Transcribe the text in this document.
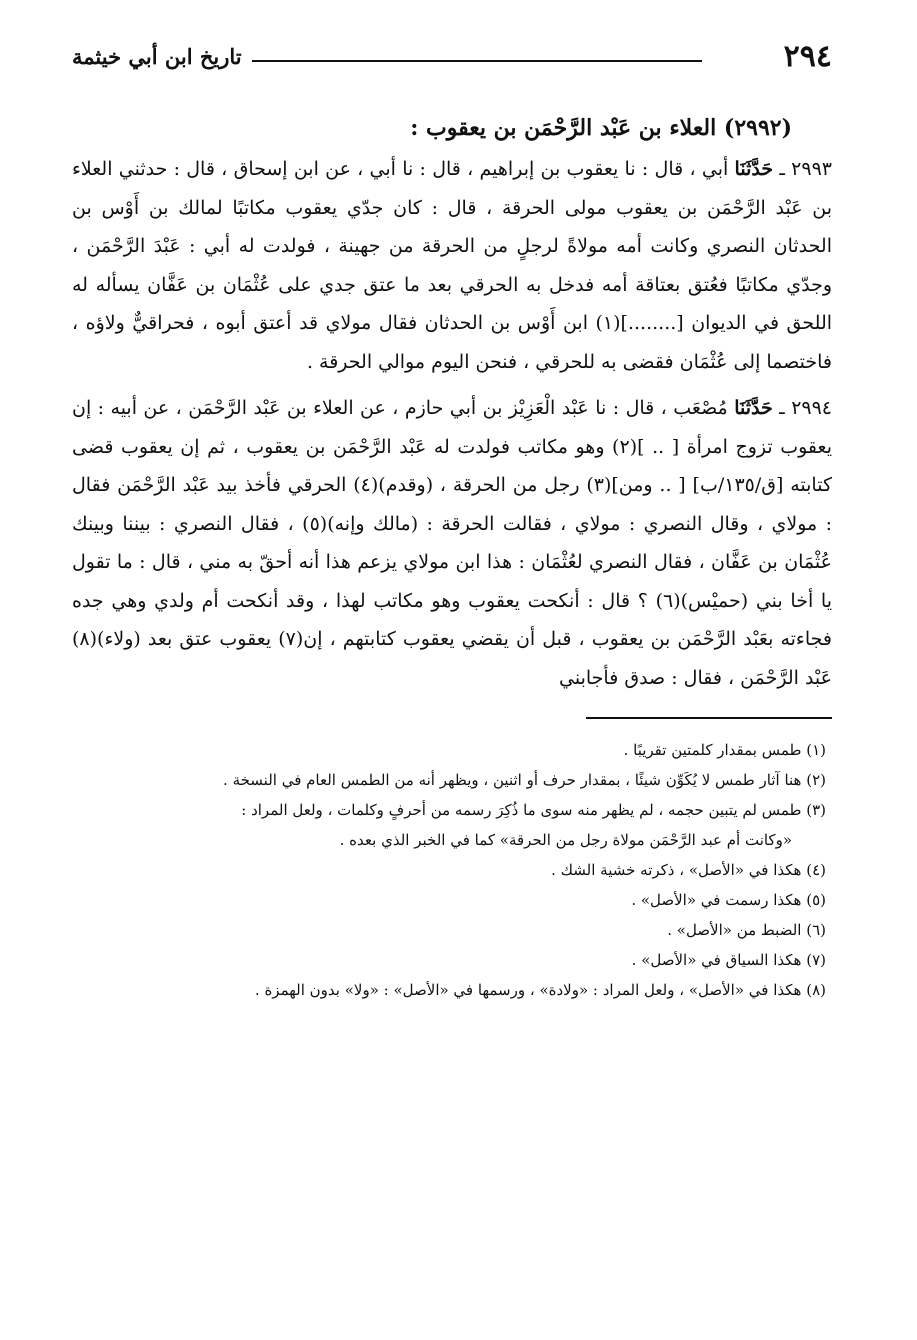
٢٩٤
تاريخ ابن أبي خيثمة
(٢٩٩٢) العلاء بن عَبْد الرَّحْمَن بن يعقوب :

٢٩٩٣ ـ حَدَّثَنَا أبي ، قال : نا يعقوب بن إبراهيم ، قال : نا أبي ، عن ابن إسحاق ، قال : حدثني العلاء بن عَبْد الرَّحْمَن بن يعقوب مولى الحرقة ، قال : كان جدّي يعقوب مكاتبًا لمالك بن أَوْس بن الحدثان النصري وكانت أمه مولاةً لرجلٍ من الحرقة من جهينة ، فولدت له أبي : عَبْدَ الرَّحْمَن ، وجدّي مكاتبًا فعُتق بعتاقة أمه فدخل به الحرقي بعد ما عتق جدي على عُثْمَان بن عَفَّان يسأله له اللحق في الديوان [........](١) ابن أَوْس بن الحدثان فقال مولاي قد أعتق أبوه ، فحراقيٌّ ولاؤه ، فاختصما إلى عُثْمَان فقضى به للحرقي ، فنحن اليوم موالي الحرقة .

٢٩٩٤ ـ حَدَّثَنَا مُصْعَب ، قال : نا عَبْد الْعَزِيْز بن أبي حازم ، عن العلاء بن عَبْد الرَّحْمَن ، عن أبيه : إن يعقوب تزوج امرأة [ .. ](٢) وهو مكاتب فولدت له عَبْد الرَّحْمَن بن يعقوب ، ثم إن يعقوب قضى كتابته [ق/١٣٥/ب] [ .. ومن](٣) رجل من الحرقة ، (وقدم)(٤) الحرقي فأخذ بيد عَبْد الرَّحْمَن فقال : مولاي ، وقال النصري : مولاي ، فقالت الحرقة : (مالك وإنه)(٥) ، فقال النصري : بيننا وبينك عُثْمَان بن عَفَّان ، فقال النصري لعُثْمَان : هذا ابن مولاي يزعم هذا أنه أحقّ به مني ، قال : ما تقول يا أخا بني (حميْس)(٦) ؟ قال : أنكحت يعقوب وهو مكاتب لهذا ، وقد أنكحت أم ولدي وهي جده فجاءته بعَبْد الرَّحْمَن بن يعقوب ، قبل أن يقضي يعقوب كتابتهم ، إن(٧) يعقوب عتق بعد (ولاء)(٨) عَبْد الرَّحْمَن ، فقال : صدق فأجابني

(١) طمس بمقدار كلمتين تقريبًا .
(٢) هنا آثار طمس لا يُكَوِّن شيئًا ، بمقدار حرف أو اثنين ، ويظهر أنه من الطمس العام في النسخة .
(٣) طمس لم يتبين حجمه ، لم يظهر منه سوى ما ذُكِرَ رسمه من أحرفٍ وكلمات ، ولعل المراد :
«وكانت أم عبد الرَّحْمَن مولاة رجل من الحرقة» كما في الخبر الذي بعده .
(٤) هكذا في «الأصل» ، ذكرته خشية الشك .
(٥) هكذا رسمت في «الأصل» .
(٦) الضبط من «الأصل» .
(٧) هكذا السياق في «الأصل» .
(٨) هكذا في «الأصل» ، ولعل المراد : «ولادة» ، ورسمها في «الأصل» : «ولا» بدون الهمزة .
